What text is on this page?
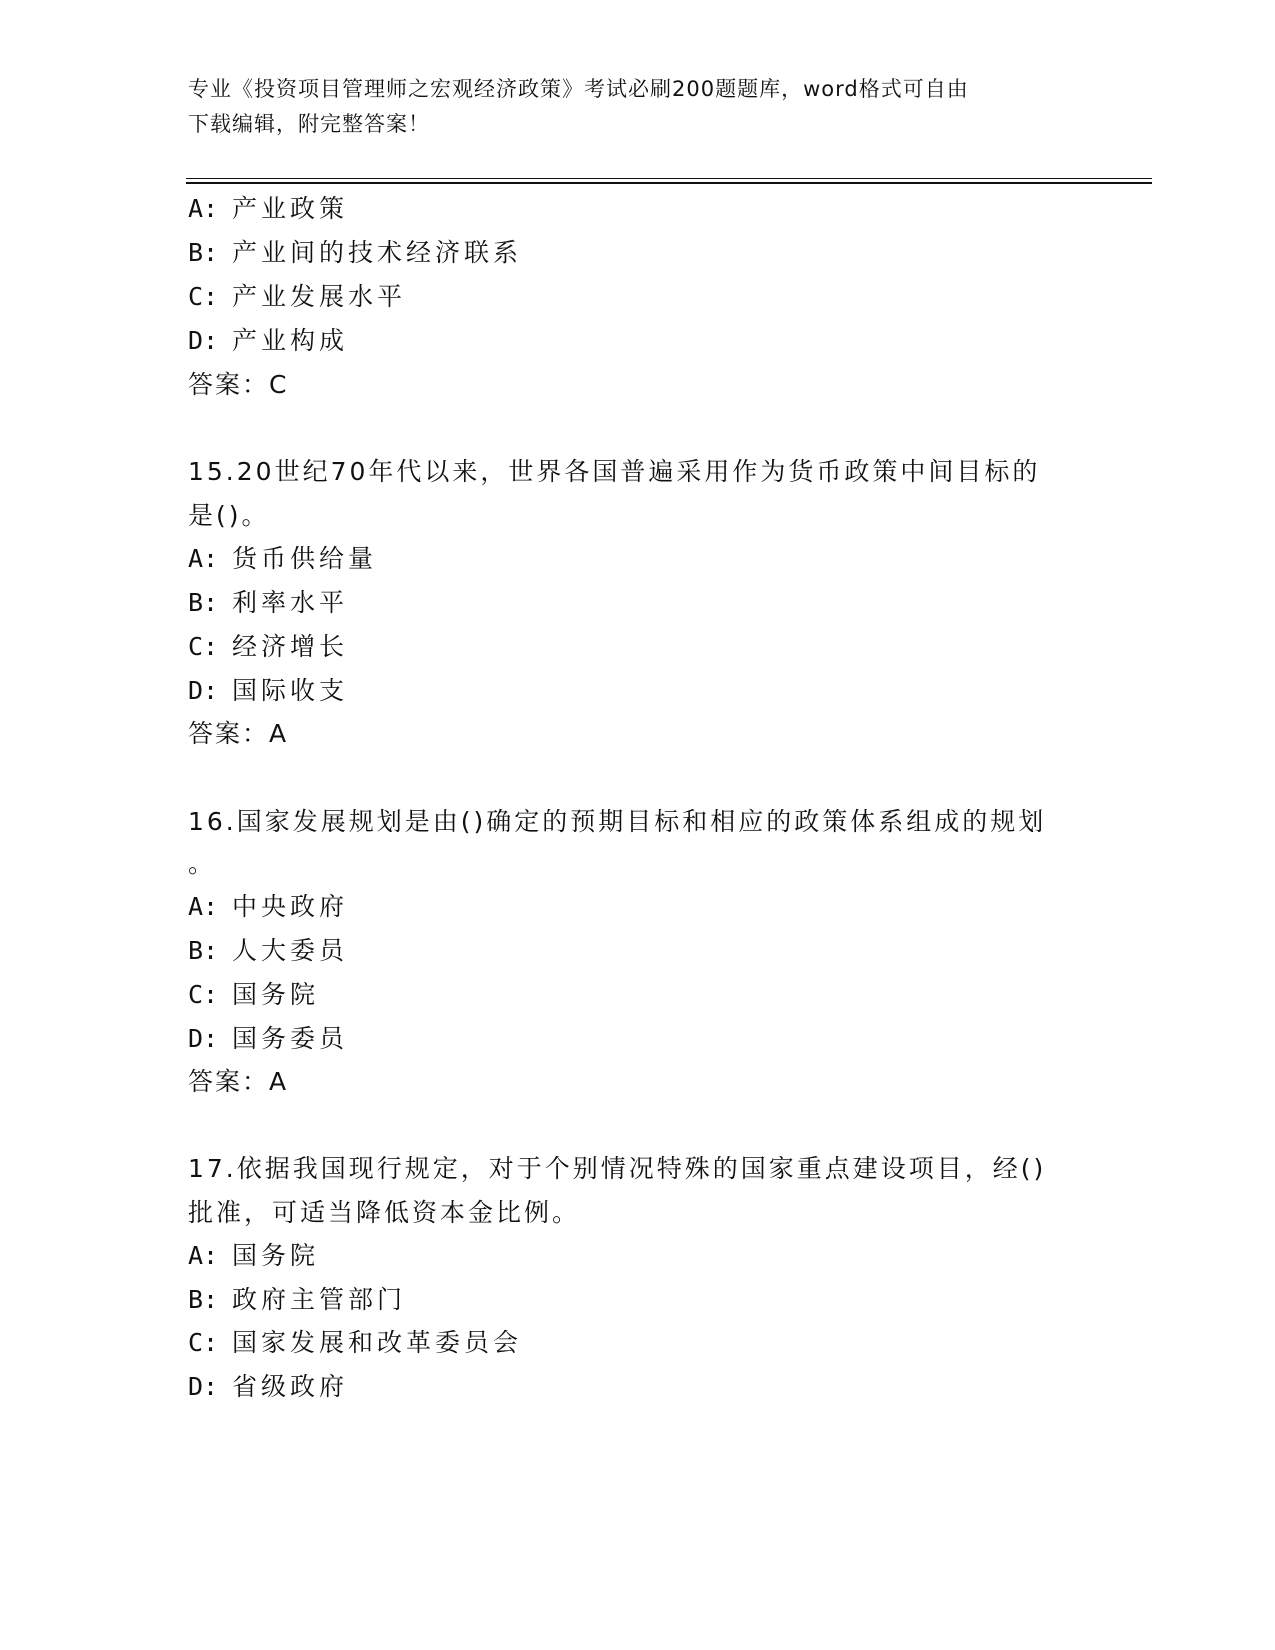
专业《投资项目管理师之宏观经济政策》考试必刷200题题库，word格式可自由
下载编辑，附完整答案！
A: 产业政策
B: 产业间的技术经济联系
C: 产业发展水平
D: 产业构成
答案：C
15.20世纪70年代以来，世界各国普遍采用作为货币政策中间目标的
是()。
A: 货币供给量
B: 利率水平
C: 经济增长
D: 国际收支
答案：A
16.国家发展规划是由()确定的预期目标和相应的政策体系组成的规划
。
A: 中央政府
B: 人大委员
C: 国务院
D: 国务委员
答案：A
17.依据我国现行规定，对于个别情况特殊的国家重点建设项目，经()
批准，可适当降低资本金比例。
A: 国务院
B: 政府主管部门
C: 国家发展和改革委员会
D: 省级政府
